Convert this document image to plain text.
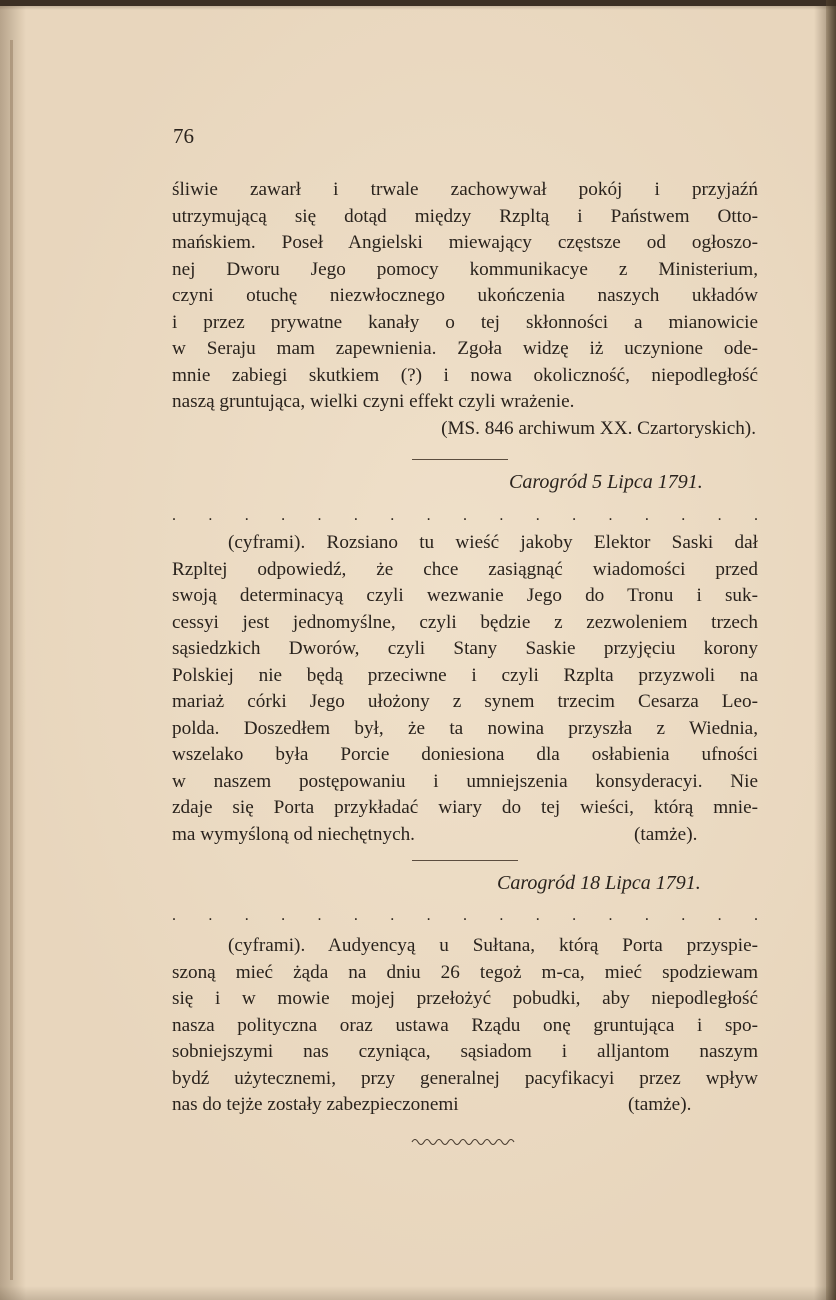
76
śliwie zawarł i trwale zachowywał pokój i przyjaźń
utrzymującą się dotąd między Rzpltą i Państwem Otto-
mańskiem. Poseł Angielski miewający częstsze od ogłoszo-
nej Dworu Jego pomocy kommunikacye z Ministerium,
czyni otuchę niezwłocznego ukończenia naszych układów
i przez prywatne kanały o tej skłonności a mianowicie
w Seraju mam zapewnienia. Zgoła widzę iż uczynione ode-
mnie zabiegi skutkiem (?) i nowa okoliczność, niepodległość
naszą gruntująca, wielki czyni effekt czyli wrażenie.
(MS. 846 archiwum XX. Czartoryskich).
Carogród 5 Lipca 1791.
. . . . . . . . . . . . . . . . .
(cyframi). Rozsiano tu wieść jakoby Elektor Saski dał
Rzpltej odpowiedź, że chce zasiągnąć wiadomości przed
swoją determinacyą czyli wezwanie Jego do Tronu i suk-
cessyi jest jednomyślne, czyli będzie z zezwoleniem trzech
sąsiedzkich Dworów, czyli Stany Saskie przyjęciu korony
Polskiej nie będą przeciwne i czyli Rzplta przyzwoli na
mariaż córki Jego ułożony z synem trzecim Cesarza Leo-
polda. Doszedłem był, że ta nowina przyszła z Wiednia,
wszelako była Porcie doniesiona dla osłabienia ufności
w naszem postępowaniu i umniejszenia konsyderacyi. Nie
zdaje się Porta przykładać wiary do tej wieści, którą mnie-
ma wymyśloną od niechętnych.	(tamże).
Carogród 18 Lipca 1791.
. . . . . . . . . . . . . . . . .
(cyframi). Audyencyą u Sułtana, którą Porta przyspie-
szoną mieć żąda na dniu 26 tegoż m-ca, mieć spodziewam
się i w mowie mojej przełożyć pobudki, aby niepodległość
nasza polityczna oraz ustawa Rządu onę gruntująca i spo-
sobniejszymi nas czyniąca, sąsiadom i alljantom naszym
bydź użytecznemi, przy generalnej pacyfikacyi przez wpływ
nas do tejże zostały zabezpieczonemi	(tamże).
